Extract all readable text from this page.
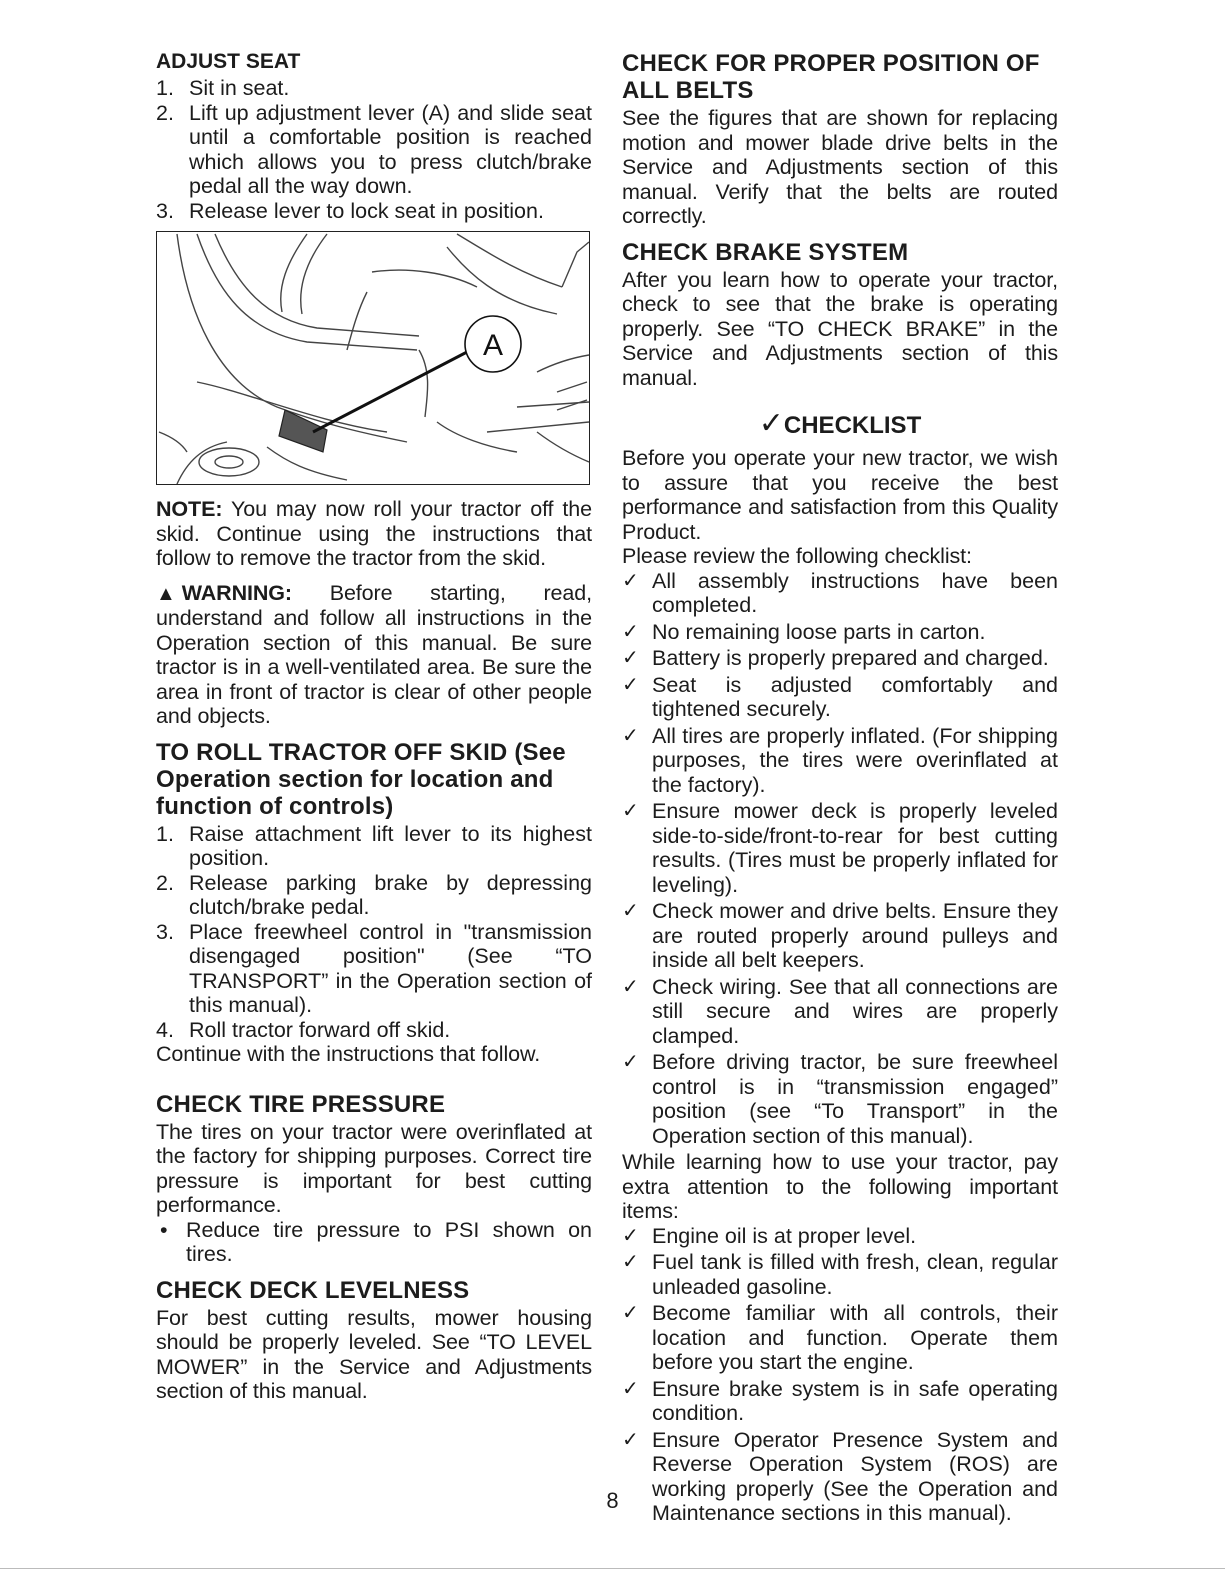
ADJUST SEAT
1. Sit in seat.
2. Lift up adjustment lever (A) and slide seat until a comfortable position is reached which allows you to press clutch/brake pedal all the way down.
3. Release lever to lock seat in position.
A

NOTE: You may now roll your tractor off the skid. Continue using the instructions that follow to remove the tractor from the skid.

▲ WARNING: Before starting, read, understand and follow all instructions in the Operation section of this manual. Be sure tractor is in a well-ventilated area. Be sure the area in front of tractor is clear of other people and objects.

TO ROLL TRACTOR OFF SKID (See Operation section for location and function of controls)
1. Raise attachment lift lever to its highest position.
2. Release parking brake by depressing clutch/brake pedal.
3. Place freewheel control in "transmission disengaged position" (See “TO TRANSPORT” in the Operation section of this manual).
4. Roll tractor forward off skid.

Continue with the instructions that follow.

CHECK TIRE PRESSURE

The tires on your tractor were overinflated at the factory for shipping purposes. Correct tire pressure is important for best cutting performance.

• Reduce tire pressure to PSI shown on tires.
CHECK DECK LEVELNESS

For best cutting results, mower housing should be properly leveled. See “TO LEVEL MOWER” in the Service and Adjustments section of this manual.

CHECK FOR PROPER POSITION OF ALL BELTS

See the figures that are shown for replacing motion and mower blade drive belts in the Service and Adjustments section of this manual. Verify that the belts are routed correctly.

CHECK BRAKE SYSTEM

After you learn how to operate your tractor, check to see that the brake is operating properly. See “TO CHECK BRAKE” in the Service and Adjustments section of this manual.

✓CHECKLIST

Before you operate your new tractor, we wish to assure that you receive the best performance and satisfaction from this Quality Product.

Please review the following checklist:

✓ All assembly instructions have been completed.
✓ No remaining loose parts in carton.
✓ Battery is properly prepared and charged.
✓ Seat is adjusted comfortably and tightened securely.
✓ All tires are properly inflated. (For shipping purposes, the tires were overinflated at the factory).
✓ Ensure mower deck is properly leveled side-to-side/front-to-rear for best cutting results. (Tires must be properly inflated for leveling).
✓ Check mower and drive belts. Ensure they are routed properly around pulleys and inside all belt keepers.
✓ Check wiring. See that all connections are still secure and wires are properly clamped.
✓ Before driving tractor, be sure freewheel control is in “transmission engaged” position (see “To Transport” in the Operation section of this manual).

While learning how to use your tractor, pay extra attention to the following important items:

✓ Engine oil is at proper level.
✓ Fuel tank is filled with fresh, clean, regular unleaded gasoline.
✓ Become familiar with all controls, their location and function. Operate them before you start the engine.
✓ Ensure brake system is in safe operating condition.
✓ Ensure Operator Presence System and Reverse Operation System (ROS) are working properly (See the Operation and Maintenance sections in this manual).
8
